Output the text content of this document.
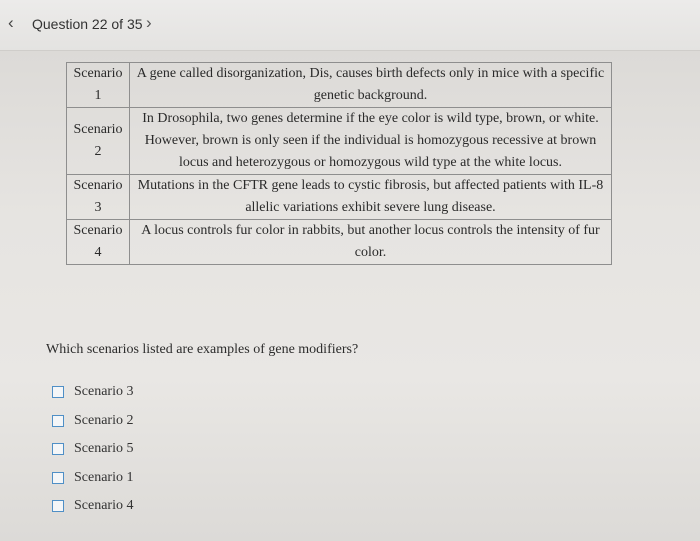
‹ Question 22 of 35 ›
Scenario
1	A gene called disorganization, Dis, causes birth defects only in mice with a specific genetic background.
Scenario
2	In Drosophila, two genes determine if the eye color is wild type, brown, or white. However, brown is only seen if the individual is homozygous recessive at brown locus and heterozygous or homozygous wild type at the white locus.
Scenario
3	Mutations in the CFTR gene leads to cystic fibrosis, but affected patients with IL-8 allelic variations exhibit severe lung disease.
Scenario
4	A locus controls fur color in rabbits, but another locus controls the intensity of fur color.
Which scenarios listed are examples of gene modifiers?
Scenario 3
Scenario 2
Scenario 5
Scenario 1
Scenario 4
